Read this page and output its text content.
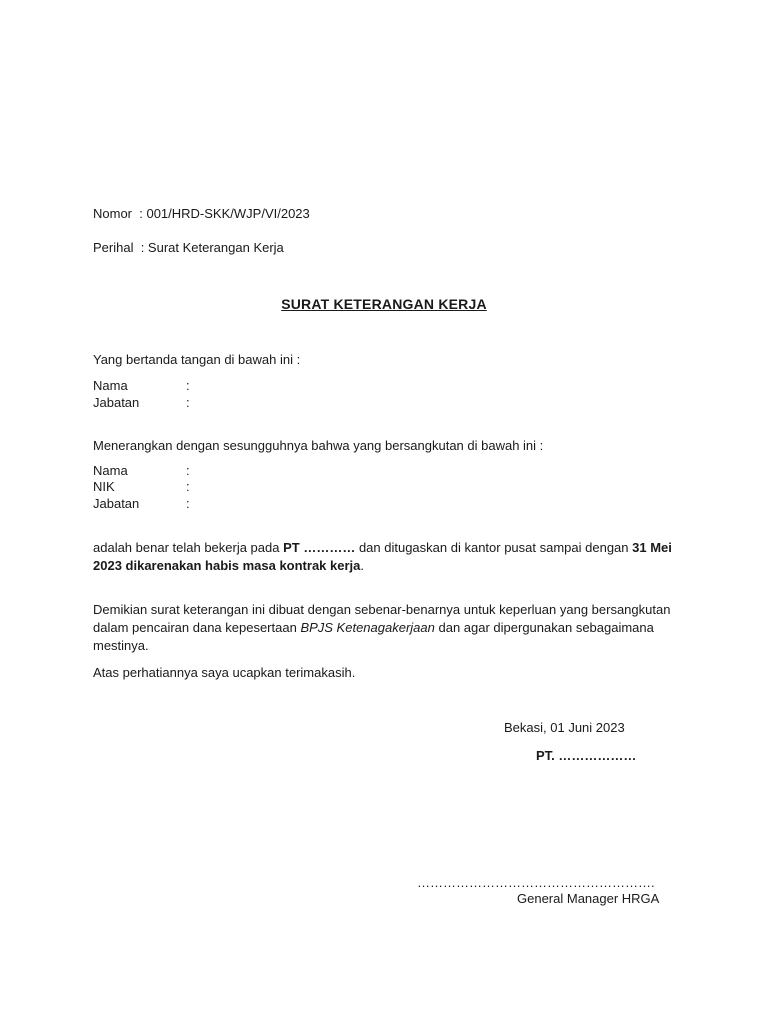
Nomor  : 001/HRD-SKK/WJP/VI/2023
Perihal  : Surat Keterangan Kerja
SURAT KETERANGAN KERJA
Yang bertanda tangan di bawah ini :
Nama	:
Jabatan	:
Menerangkan dengan sesungguhnya bahwa yang bersangkutan di bawah ini :
Nama	:
NIK	:
Jabatan	:
adalah benar telah bekerja pada PT ………… dan ditugaskan di kantor pusat sampai dengan 31 Mei 2023 dikarenakan habis masa kontrak kerja.
Demikian surat keterangan ini dibuat dengan sebenar-benarnya untuk keperluan yang bersangkutan dalam pencairan dana kepesertaan BPJS Ketenagakerjaan dan agar dipergunakan sebagaimana mestinya.
Atas perhatiannya saya ucapkan terimakasih.
Bekasi, 01 Juni 2023
PT. ………………
……………………………………………….
General Manager HRGA
